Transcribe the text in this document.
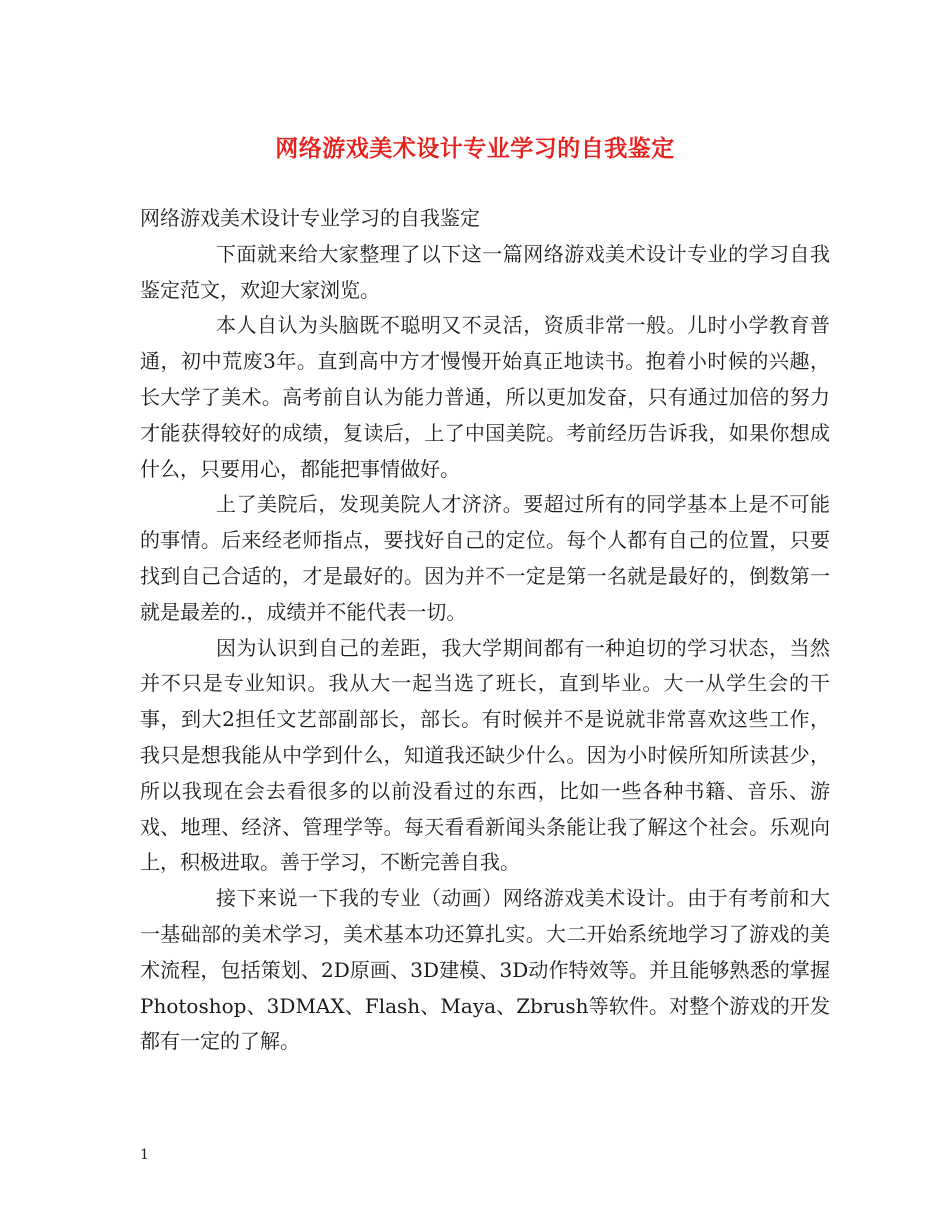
网络游戏美术设计专业学习的自我鉴定

网络游戏美术设计专业学习的自我鉴定

下面就来给大家整理了以下这一篇网络游戏美术设计专业的学习自我鉴定范文，欢迎大家浏览。

本人自认为头脑既不聪明又不灵活，资质非常一般。儿时小学教育普通，初中荒废3年。直到高中方才慢慢开始真正地读书。抱着小时候的兴趣，长大学了美术。高考前自认为能力普通，所以更加发奋，只有通过加倍的努力才能获得较好的成绩，复读后，上了中国美院。考前经历告诉我，如果你想成什么，只要用心，都能把事情做好。

上了美院后，发现美院人才济济。要超过所有的同学基本上是不可能的事情。后来经老师指点，要找好自己的定位。每个人都有自己的位置，只要找到自己合适的，才是最好的。因为并不一定是第一名就是最好的，倒数第一就是最差的.，成绩并不能代表一切。

因为认识到自己的差距，我大学期间都有一种迫切的学习状态，当然并不只是专业知识。我从大一起当选了班长，直到毕业。大一从学生会的干事，到大2担任文艺部副部长，部长。有时候并不是说就非常喜欢这些工作，我只是想我能从中学到什么，知道我还缺少什么。因为小时候所知所读甚少，所以我现在会去看很多的以前没看过的东西，比如一些各种书籍、音乐、游戏、地理、经济、管理学等。每天看看新闻头条能让我了解这个社会。乐观向上，积极进取。善于学习，不断完善自我。

接下来说一下我的专业（动画）网络游戏美术设计。由于有考前和大一基础部的美术学习，美术基本功还算扎实。大二开始系统地学习了游戏的美术流程，包括策划、2D原画、3D建模、3D动作特效等。并且能够熟悉的掌握Photoshop、3DMAX、Flash、Maya、Zbrush等软件。对整个游戏的开发都有一定的了解。

1
